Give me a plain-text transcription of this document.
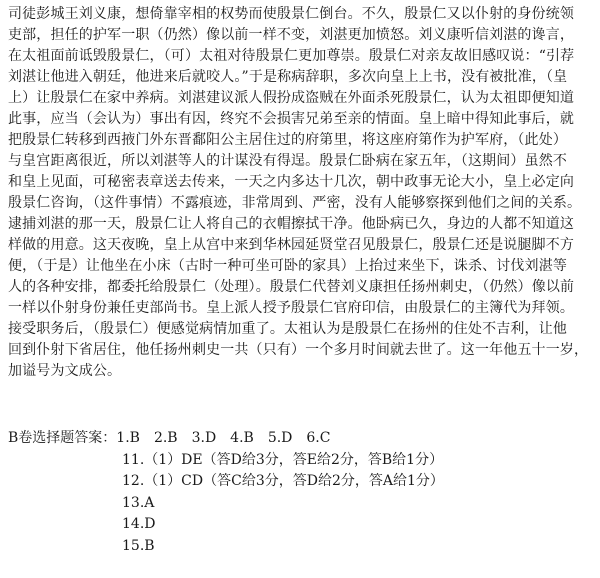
司徒彭城王刘义康，想倚靠宰相的权势而使殷景仁倒台。不久，殷景仁又以仆射的身份统领
吏部，担任的护军一职（仍然）像以前一样不变，刘湛更加愤怒。刘义康听信刘湛的谗言，
在太祖面前诋毁殷景仁，（可）太祖对待殷景仁更加尊崇。殷景仁对亲友故旧感叹说：“引荐
刘湛让他进入朝廷，他进来后就咬人。”于是称病辞职，多次向皇上上书，没有被批准，（皇
上）让殷景仁在家中养病。刘湛建议派人假扮成盗贼在外面杀死殷景仁，认为太祖即便知道
此事，应当（会认为）事出有因，终究不会损害兄弟至亲的情面。皇上暗中得知此事后，就
把殷景仁转移到西掖门外东晋鄱阳公主居住过的府第里，将这座府第作为护军府，（此处）
与皇宫距离很近，所以刘湛等人的计谋没有得逞。殷景仁卧病在家五年，（这期间）虽然不
和皇上见面，可秘密表章送去传来，一天之内多达十几次，朝中政事无论大小，皇上必定向
殷景仁咨询，（这件事情）不露痕迹，非常周到、严密，没有人能够察探到他们之间的关系。
逮捕刘湛的那一天，殷景仁让人将自己的衣帽擦拭干净。他卧病已久，身边的人都不知道这
样做的用意。这天夜晚，皇上从宫中来到华林园延贤堂召见殷景仁，殷景仁还是说腿脚不方
便，（于是）让他坐在小床（古时一种可坐可卧的家具）上抬过来坐下，诛杀、讨伐刘湛等
人的各种安排，都委托给殷景仁（处理）。殷景仁代替刘义康担任扬州刺史，（仍然）像以前
一样以仆射身份兼任吏部尚书。皇上派人授予殷景仁官府印信，由殷景仁的主簿代为拜领。
接受职务后，（殷景仁）便感觉病情加重了。太祖认为是殷景仁在扬州的住处不吉利，让他
回到仆射下省居住，他任扬州刺史一共（只有）一个多月时间就去世了。这一年他五十一岁，
加谥号为文成公。
B卷选择题答案：1.B　2.B　3.D　4.B　5.D　6.C
11.（1）DE（答D给3分，答E给2分，答B给1分）
12.（1）CD（答C给3分，答D给2分，答A给1分）
13.A
14.D
15.B
